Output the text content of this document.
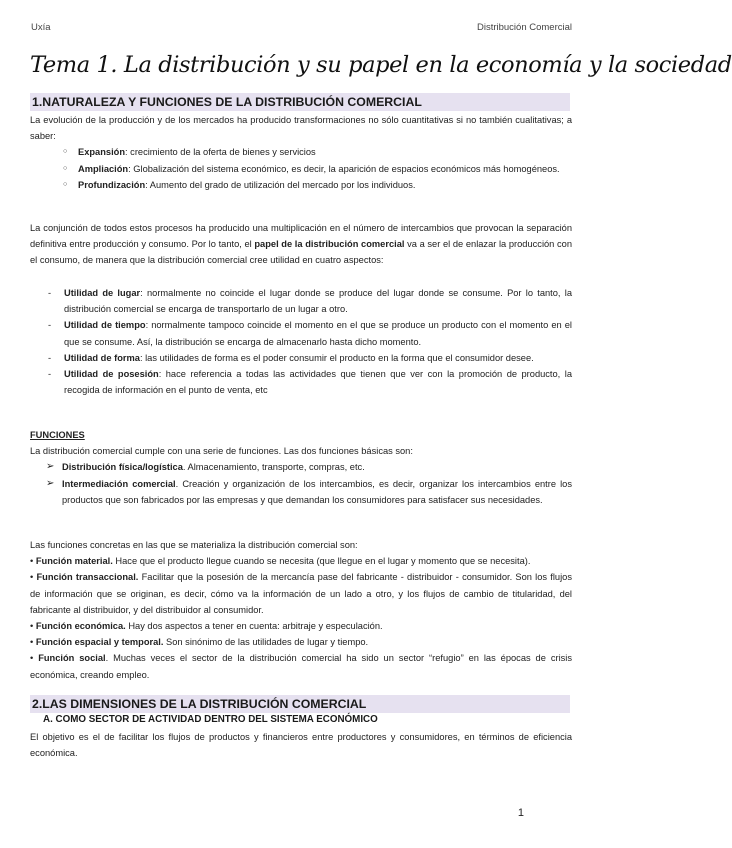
Uxía	Distribución Comercial
Tema 1. La distribución y su papel en la economía y la sociedad
1.NATURALEZA Y FUNCIONES DE LA DISTRIBUCIÓN COMERCIAL

La evolución de la producción y de los mercados ha producido transformaciones no sólo cuantitativas si no también cualitativas; a saber:

○ Expansión: crecimiento de la oferta de bienes y servicios
○ Ampliación: Globalización del sistema económico, es decir, la aparición de espacios económicos más homogéneos.
○ Profundización: Aumento del grado de utilización del mercado por los individuos.

La conjunción de todos estos procesos ha producido una multiplicación en el número de intercambios que provocan la separación definitiva entre producción y consumo. Por lo tanto, el papel de la distribución comercial va a ser el de enlazar la producción con el consumo, de manera que la distribución comercial cree utilidad en cuatro aspectos:

- Utilidad de lugar: normalmente no coincide el lugar donde se produce del lugar donde se consume. Por lo tanto, la distribución comercial se encarga de transportarlo de un lugar a otro.
- Utilidad de tiempo: normalmente tampoco coincide el momento en el que se produce un producto con el momento en el que se consume. Así, la distribución se encarga de almacenarlo hasta dicho momento.
- Utilidad de forma: las utilidades de forma es el poder consumir el producto en la forma que el consumidor desee.
- Utilidad de posesión: hace referencia a todas las actividades que tienen que ver con la promoción de producto, la recogida de información en el punto de venta, etc

FUNCIONES

La distribución comercial cumple con una serie de funciones. Las dos funciones básicas son:

➢ Distribución física/logística. Almacenamiento, transporte, compras, etc.
➢ Intermediación comercial. Creación y organización de los intercambios, es decir, organizar los intercambios entre los productos que son fabricados por las empresas y que demandan los consumidores para satisfacer sus necesidades.

Las funciones concretas en las que se materializa la distribución comercial son:

• Función material. Hace que el producto llegue cuando se necesita (que llegue en el lugar y momento que se necesita).

• Función transaccional. Facilitar que la posesión de la mercancía pase del fabricante - distribuidor - consumidor. Son los flujos de información que se originan, es decir, cómo va la información de un lado a otro, y los flujos de cambio de titularidad, del fabricante al distribuidor, y del distribuidor al consumidor.

• Función económica. Hay dos aspectos a tener en cuenta: arbitraje y especulación.

• Función espacial y temporal. Son sinónimo de las utilidades de lugar y tiempo.

• Función social. Muchas veces el sector de la distribución comercial ha sido un sector “refugio” en las épocas de crisis económica, creando empleo.

2.LAS DIMENSIONES DE LA DISTRIBUCIÓN COMERCIAL
A. COMO SECTOR DE ACTIVIDAD DENTRO DEL SISTEMA ECONÓMICO

El objetivo es el de facilitar los flujos de productos y financieros entre productores y consumidores, en términos de eficiencia económica.

1
